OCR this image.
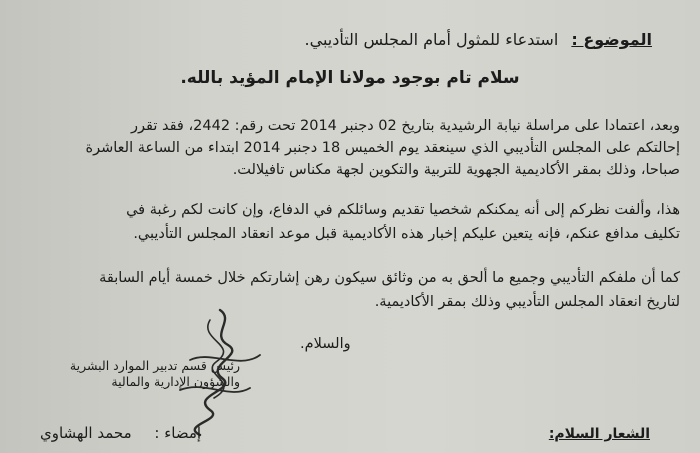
الموضوع : استدعاء للمثول أمام المجلس التأديبي.
سلام تام بوجود مولانا الإمام المؤيد بالله.
وبعد، اعتمادا على مراسلة نيابة الرشيدية بتاريخ 02 دجنبر 2014 تحت رقم: 2442، فقد تقرر
إحالتكم على المجلس التأديبي الذي سينعقد يوم الخميس 18 دجنبر 2014 ابتداء من الساعة العاشرة
صباحا، وذلك بمقر الأكاديمية الجهوية للتربية والتكوين لجهة مكناس تافيلالت.
هذا، وألفت نظركم إلى أنه يمكنكم شخصيا تقديم وسائلكم في الدفاع، وإن كانت لكم رغبة في
تكليف مدافع عنكم، فإنه يتعين عليكم إخبار هذه الأكاديمية قبل موعد انعقاد المجلس التأديبي.
كما أن ملفكم التأديبي وجميع ما ألحق به من وثائق سيكون رهن إشارتكم خلال خمسة أيام السابقة
لتاريخ انعقاد المجلس التأديبي وذلك بمقر الأكاديمية.
والسلام.
رئيس قسم تدبير الموارد البشرية والشؤون الإدارية والمالية
إمضاء : محمد الهشاوي	الشعار السلام:
